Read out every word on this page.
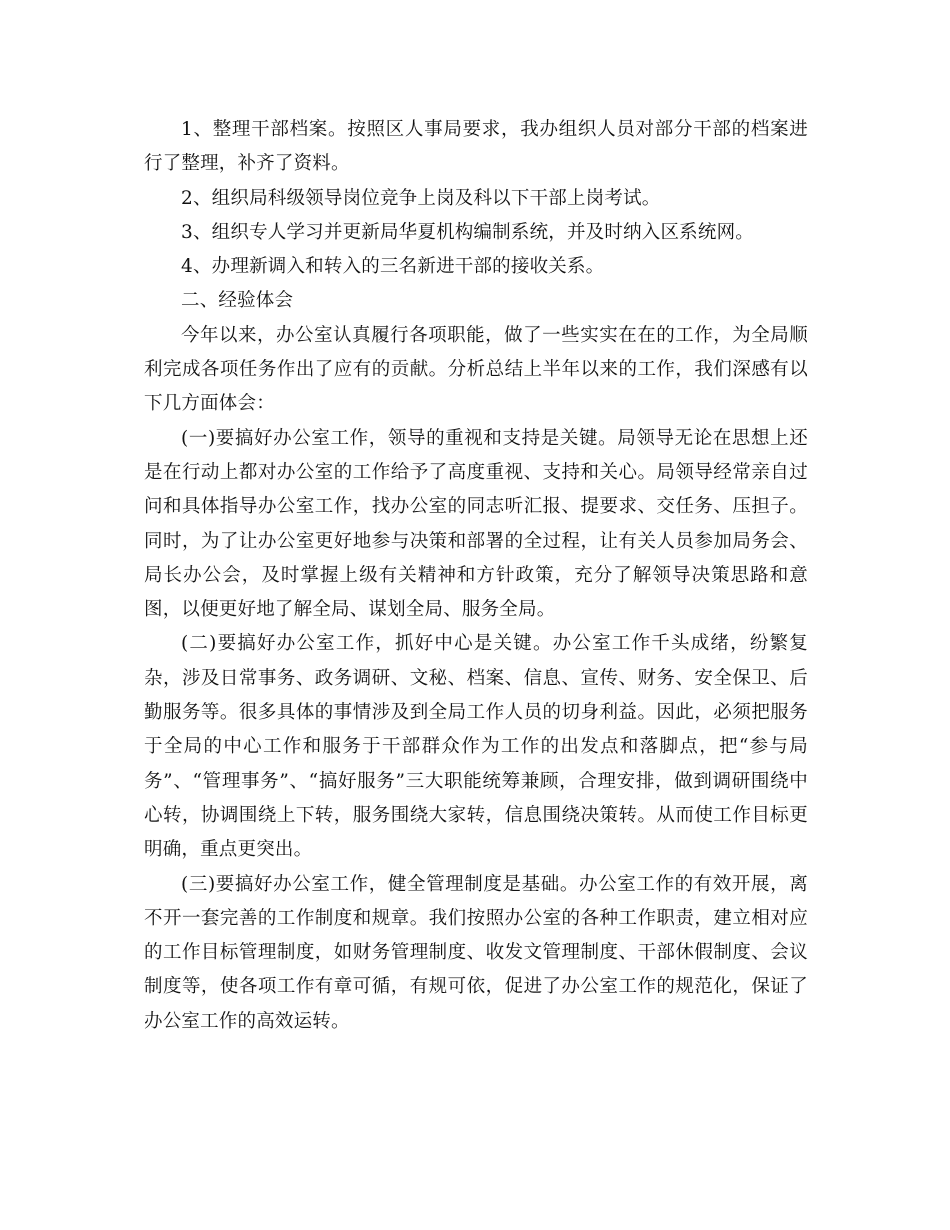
1、整理干部档案。按照区人事局要求，我办组织人员对部分干部的档案进行了整理，补齐了资料。

2、组织局科级领导岗位竞争上岗及科以下干部上岗考试。

3、组织专人学习并更新局华夏机构编制系统，并及时纳入区系统网。

4、办理新调入和转入的三名新进干部的接收关系。

二、经验体会

今年以来，办公室认真履行各项职能，做了一些实实在在的工作，为全局顺利完成各项任务作出了应有的贡献。分析总结上半年以来的工作，我们深感有以下几方面体会：

(一)要搞好办公室工作，领导的重视和支持是关键。局领导无论在思想上还是在行动上都对办公室的工作给予了高度重视、支持和关心。局领导经常亲自过问和具体指导办公室工作，找办公室的同志听汇报、提要求、交任务、压担子。同时，为了让办公室更好地参与决策和部署的全过程，让有关人员参加局务会、局长办公会，及时掌握上级有关精神和方针政策，充分了解领导决策思路和意图，以便更好地了解全局、谋划全局、服务全局。

(二)要搞好办公室工作，抓好中心是关键。办公室工作千头成绪，纷繁复杂，涉及日常事务、政务调研、文秘、档案、信息、宣传、财务、安全保卫、后勤服务等。很多具体的事情涉及到全局工作人员的切身利益。因此，必须把服务于全局的中心工作和服务于干部群众作为工作的出发点和落脚点，把“参与局务”、“管理事务”、“搞好服务”三大职能统筹兼顾，合理安排，做到调研围绕中心转，协调围绕上下转，服务围绕大家转，信息围绕决策转。从而使工作目标更明确，重点更突出。

(三)要搞好办公室工作，健全管理制度是基础。办公室工作的有效开展，离不开一套完善的工作制度和规章。我们按照办公室的各种工作职责，建立相对应的工作目标管理制度，如财务管理制度、收发文管理制度、干部休假制度、会议制度等，使各项工作有章可循，有规可依，促进了办公室工作的规范化，保证了办公室工作的高效运转。
